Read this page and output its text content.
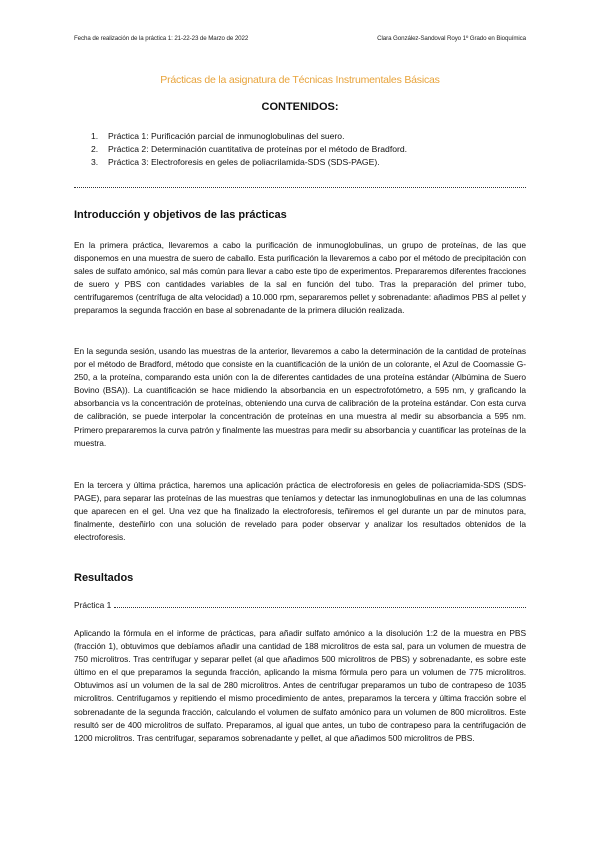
Fecha de realización de la práctica 1: 21-22-23 de Marzo de 2022	Clara González-Sandoval Royo 1º Grado en Bioquímica
Prácticas de la asignatura de Técnicas Instrumentales Básicas
CONTENIDOS:
1.	Práctica 1: Purificación parcial de inmunoglobulinas del suero.
2.	Práctica 2: Determinación cuantitativa de proteínas por el método de Bradford.
3.	Práctica 3: Electroforesis en geles de poliacrilamida-SDS (SDS-PAGE).
Introducción y objetivos de las prácticas

En la primera práctica, llevaremos a cabo la purificación de inmunoglobulinas, un grupo de proteínas, de las que disponemos en una muestra de suero de caballo. Esta purificación la llevaremos a cabo por el método de precipitación con sales de sulfato amónico, sal más común para llevar a cabo este tipo de experimentos. Prepararemos diferentes fracciones de suero y PBS con cantidades variables de la sal en función del tubo. Tras la preparación del primer tubo, centrifugaremos (centrífuga de alta velocidad) a 10.000 rpm, separaremos pellet y sobrenadante: añadimos PBS al pellet y preparamos la segunda fracción en base al sobrenadante de la primera dilución realizada.

En la segunda sesión, usando las muestras de la anterior, llevaremos a cabo la determinación de la cantidad de proteínas por el método de Bradford, método que consiste en la cuantificación de la unión de un colorante, el Azul de Coomassie G-250, a la proteína, comparando esta unión con la de diferentes cantidades de una proteína estándar (Albúmina de Suero Bovino (BSA)). La cuantificación se hace midiendo la absorbancia en un espectrofotómetro, a 595 nm, y graficando la absorbancia vs la concentración de proteínas, obteniendo una curva de calibración de la proteína estándar. Con esta curva de calibración, se puede interpolar la concentración de proteínas en una muestra al medir su absorbancia a 595 nm. Primero prepararemos la curva patrón y finalmente las muestras para medir su absorbancia y cuantificar las proteínas de la muestra.

En la tercera y última práctica, haremos una aplicación práctica de electroforesis en geles de poliacriamida-SDS (SDS-PAGE), para separar las proteínas de las muestras que teníamos y detectar las inmunoglobulinas en una de las columnas que aparecen en el gel. Una vez que ha finalizado la electroforesis, teñiremos el gel durante un par de minutos para, finalmente, desteñirlo con una solución de revelado para poder observar y analizar los resultados obtenidos de la electroforesis.

Resultados
Práctica 1

Aplicando la fórmula en el informe de prácticas, para añadir sulfato amónico a la disolución 1:2 de la muestra en PBS (fracción 1), obtuvimos que debíamos añadir una cantidad de 188 microlitros de esta sal, para un volumen de muestra de 750 microlitros. Tras centrifugar y separar pellet (al que añadimos 500 microlitros de PBS) y sobrenadante, es sobre este último en el que preparamos la segunda fracción, aplicando la misma fórmula pero para un volumen de 775 microlitros. Obtuvimos así un volumen de la sal de 280 microlitros. Antes de centrifugar preparamos un tubo de contrapeso de 1035 microlitros. Centrifugamos y repitiendo el mismo procedimiento de antes, preparamos la tercera y última fracción sobre el sobrenadante de la segunda fracción, calculando el volumen de sulfato amónico para un volumen de 800 microlitros. Este resultó ser de 400 microlitros de sulfato. Preparamos, al igual que antes, un tubo de contrapeso para la centrifugación de 1200 microlitros. Tras centrifugar, separamos sobrenadante y pellet, al que añadimos 500 microlitros de PBS.
